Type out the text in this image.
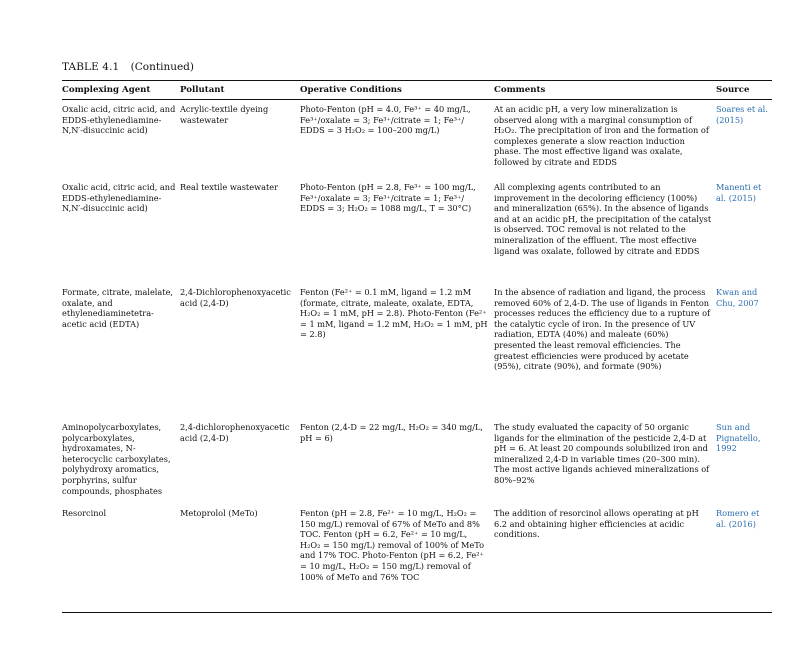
TABLE 4.1 (Continued)
Complexing Agent	Pollutant	Operative Conditions	Comments	Source
Oxalic acid, citric acid, and EDDS-ethylenediamine-N,N′-disuccinic acid)	Acrylic-textile dyeing wastewater	Photo-Fenton (pH = 4.0, Fe³⁺ = 40 mg/L, Fe³⁺/oxalate = 3; Fe³⁺/citrate = 1; Fe³⁺/ EDDS = 3 H₂O₂ = 100–200 mg/L)	At an acidic pH, a very low mineralization is observed along with a marginal consumption of H₂O₂. The precipitation of iron and the formation of complexes generate a slow reaction induction phase. The most effective ligand was oxalate, followed by citrate and EDDS	Soares et al. (2015)
Oxalic acid, citric acid, and EDDS-ethylenediamine-N,N′-disuccinic acid)	Real textile wastewater	Photo-Fenton (pH = 2.8, Fe³⁺ = 100 mg/L, Fe³⁺/oxalate = 3; Fe³⁺/citrate = 1; Fe³⁺/ EDDS = 3; H₂O₂ = 1088 mg/L, T = 30°C)	All complexing agents contributed to an improvement in the decoloring efficiency (100%) and mineralization (65%). In the absence of ligands and at an acidic pH, the precipitation of the catalyst is observed. TOC removal is not related to the mineralization of the effluent. The most effective ligand was oxalate, followed by citrate and EDDS	Manenti et al. (2015)
Formate, citrate, malelate, oxalate, and ethylenediaminetetra-acetic acid (EDTA)	2,4-Dichlorophenoxyacetic acid (2,4-D)	Fenton (Fe²⁺ = 0.1 mM, ligand = 1.2 mM (formate, citrate, maleate, oxalate, EDTA, H₂O₂ = 1 mM, pH = 2.8). Photo-Fenton (Fe²⁺ = 1 mM, ligand = 1.2 mM, H₂O₂ = 1 mM, pH = 2.8)	In the absence of radiation and ligand, the process removed 60% of 2,4-D. The use of ligands in Fenton processes reduces the efficiency due to a rupture of the catalytic cycle of iron. In the presence of UV radiation, EDTA (40%) and maleate (60%) presented the least removal efficiencies. The greatest efficiencies were produced by acetate (95%), citrate (90%), and formate (90%)	Kwan and Chu, 2007
Aminopolycarboxylates, polycarboxylates, hydroxamates, N-heterocyclic carboxylates, polyhydroxy aromatics, porphyrins, sulfur compounds, phosphates	2,4-dichlorophenoxyacetic acid (2,4-D)	Fenton (2,4-D = 22 mg/L, H₂O₂ = 340 mg/L, pH = 6)	The study evaluated the capacity of 50 organic ligands for the elimination of the pesticide 2,4-D at pH = 6. At least 20 compounds solubilized iron and mineralized 2,4-D in variable times (20–300 min). The most active ligands achieved mineralizations of 80%–92%	Sun and Pignatello, 1992
Resorcinol	Metoprolol (MeTo)	Fenton (pH = 2.8, Fe²⁺ = 10 mg/L, H₂O₂ = 150 mg/L) removal of 67% of MeTo and 8% TOC. Fenton (pH = 6.2, Fe²⁺ = 10 mg/L, H₂O₂ = 150 mg/L) removal of 100% of MeTo and 17% TOC. Photo-Fenton (pH = 6.2, Fe²⁺ = 10 mg/L, H₂O₂ = 150 mg/L) removal of 100% of MeTo and 76% TOC	The addition of resorcinol allows operating at pH 6.2 and obtaining higher efficiencies at acidic conditions.	Romero et al. (2016)
